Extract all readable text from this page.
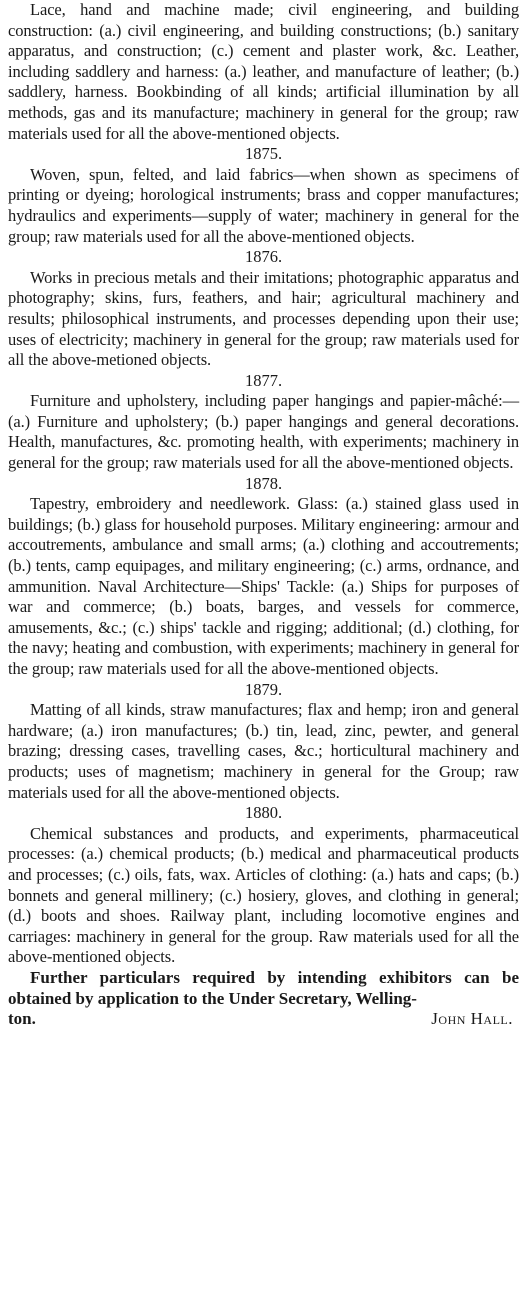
Lace, hand and machine made; civil engineering, and building construction: (a.) civil engineering, and building constructions; (b.) sanitary apparatus, and construction; (c.) cement and plaster work, &c. Leather, including saddlery and harness: (a.) leather, and manufacture of leather; (b.) saddlery, harness. Bookbinding of all kinds; artificial illumination by all methods, gas and its manufacture; machinery in general for the group; raw materials used for all the above-mentioned objects.

1875.

Woven, spun, felted, and laid fabrics—when shown as specimens of printing or dyeing; horological instruments; brass and copper manufactures; hydraulics and experiments—supply of water; machinery in general for the group; raw materials used for all the above-mentioned objects.

1876.

Works in precious metals and their imitations; photographic apparatus and photography; skins, furs, feathers, and hair; agricultural machinery and results; philosophical instruments, and processes depending upon their use; uses of electricity; machinery in general for the group; raw materials used for all the above-metioned objects.

1877.

Furniture and upholstery, including paper hangings and papier-mâché:—(a.) Furniture and upholstery; (b.) paper hangings and general decorations. Health, manufactures, &c. promoting health, with experiments; machinery in general for the group; raw materials used for all the above-mentioned objects.

1878.

Tapestry, embroidery and needlework. Glass: (a.) stained glass used in buildings; (b.) glass for household purposes. Military engineering: armour and accoutrements, ambulance and small arms; (a.) clothing and accoutrements; (b.) tents, camp equipages, and military engineering; (c.) arms, ordnance, and ammunition. Naval Architecture—Ships' Tackle: (a.) Ships for purposes of war and commerce; (b.) boats, barges, and vessels for commerce, amusements, &c.; (c.) ships' tackle and rigging; additional; (d.) clothing, for the navy; heating and combustion, with experiments; machinery in general for the group; raw materials used for all the above-mentioned objects.

1879.

Matting of all kinds, straw manufactures; flax and hemp; iron and general hardware; (a.) iron manufactures; (b.) tin, lead, zinc, pewter, and general brazing; dressing cases, travelling cases, &c.; horticultural machinery and products; uses of magnetism; machinery in general for the Group; raw materials used for all the above-mentioned objects.

1880.

Chemical substances and products, and experiments, pharmaceutical processes: (a.) chemical products; (b.) medical and pharmaceutical products and processes; (c.) oils, fats, wax. Articles of clothing: (a.) hats and caps; (b.) bonnets and general millinery; (c.) hosiery, gloves, and clothing in general; (d.) boots and shoes. Railway plant, including locomotive engines and carriages: machinery in general for the group. Raw materials used for all the above-mentioned objects.

Further particulars required by intending exhibitors can be obtained by application to the Under Secretary, Welling-

ton.	John Hall.
